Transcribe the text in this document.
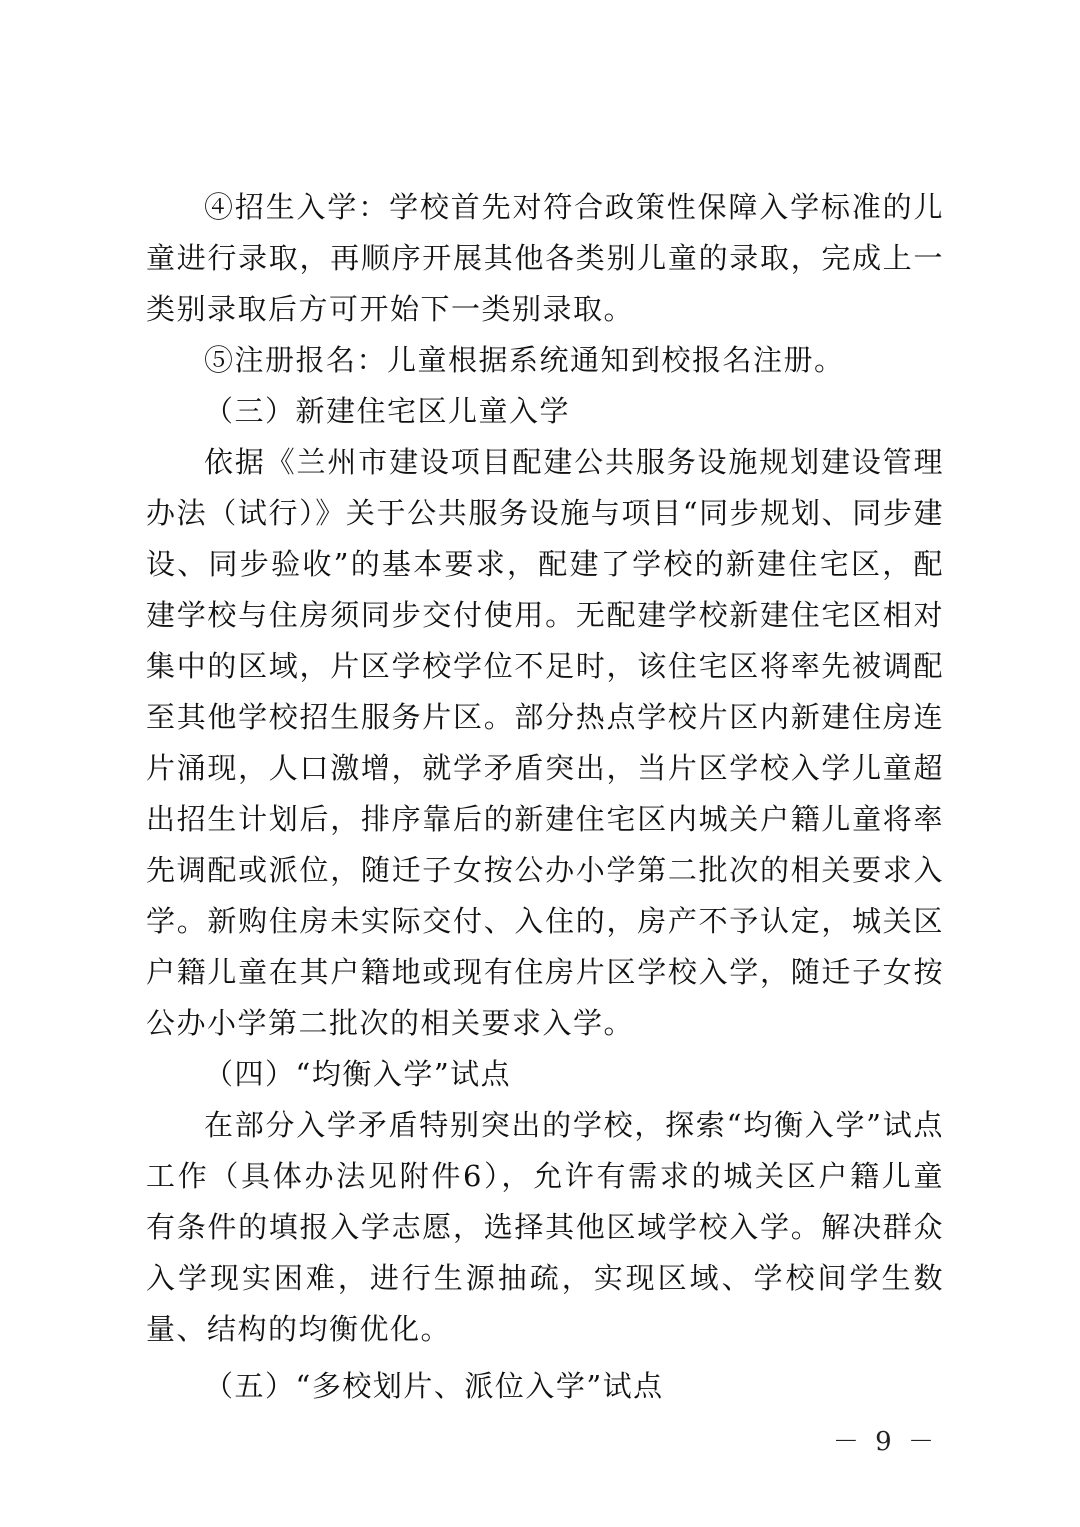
④招生入学：学校首先对符合政策性保障入学标准的儿童进行录取，再顺序开展其他各类别儿童的录取，完成上一类别录取后方可开始下一类别录取。

⑤注册报名：儿童根据系统通知到校报名注册。

（三）新建住宅区儿童入学

依据《兰州市建设项目配建公共服务设施规划建设管理办法（试行）》关于公共服务设施与项目“同步规划、同步建设、同步验收”的基本要求，配建了学校的新建住宅区，配建学校与住房须同步交付使用。无配建学校新建住宅区相对集中的区域，片区学校学位不足时，该住宅区将率先被调配至其他学校招生服务片区。部分热点学校片区内新建住房连片涌现，人口激增，就学矛盾突出，当片区学校入学儿童超出招生计划后，排序靠后的新建住宅区内城关户籍儿童将率先调配或派位，随迁子女按公办小学第二批次的相关要求入学。新购住房未实际交付、入住的，房产不予认定，城关区户籍儿童在其户籍地或现有住房片区学校入学，随迁子女按公办小学第二批次的相关要求入学。

（四）“均衡入学”试点

在部分入学矛盾特别突出的学校，探索“均衡入学”试点工作（具体办法见附件6），允许有需求的城关区户籍儿童有条件的填报入学志愿，选择其他区域学校入学。解决群众入学现实困难，进行生源抽疏，实现区域、学校间学生数量、结构的均衡优化。

（五）“多校划片、派位入学”试点

－ 9 －
